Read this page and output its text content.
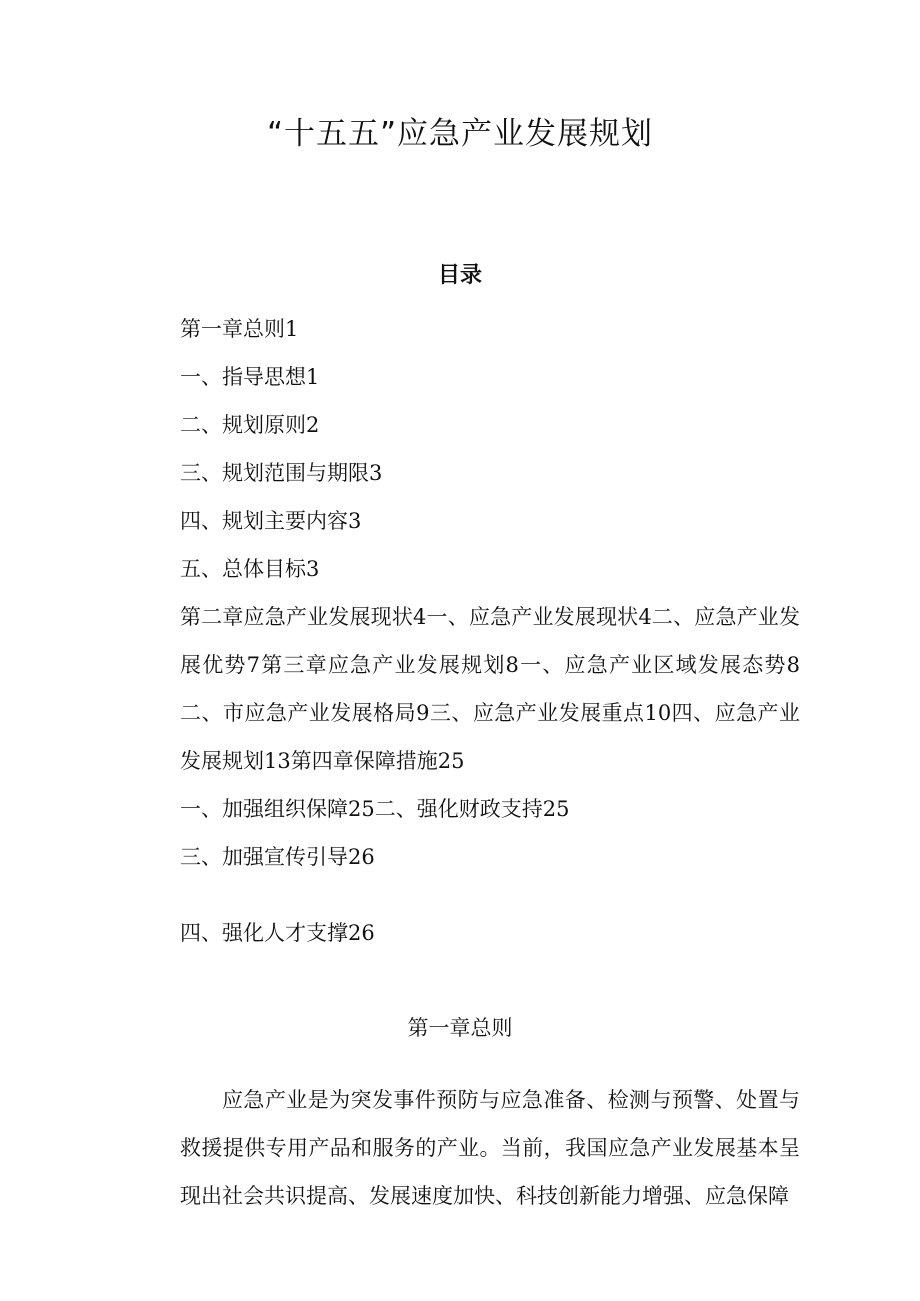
“十五五”应急产业发展规划
目录

第一章总则1

一、指导思想1

二、规划原则2

三、规划范围与期限3

四、规划主要内容3

五、总体目标3

第二章应急产业发展现状4一、应急产业发展现状4二、应急产业发展优势7第三章应急产业发展规划8一、应急产业区域发展态势8二、市应急产业发展格局9三、应急产业发展重点10四、应急产业发展规划13第四章保障措施25

一、加强组织保障25二、强化财政支持25

三、加强宣传引导26

四、强化人才支撑26

第一章总则

应急产业是为突发事件预防与应急准备、检测与预警、处置与救援提供专用产品和服务的产业。当前，我国应急产业发展基本呈现出社会共识提高、发展速度加快、科技创新能力增强、应急保障
